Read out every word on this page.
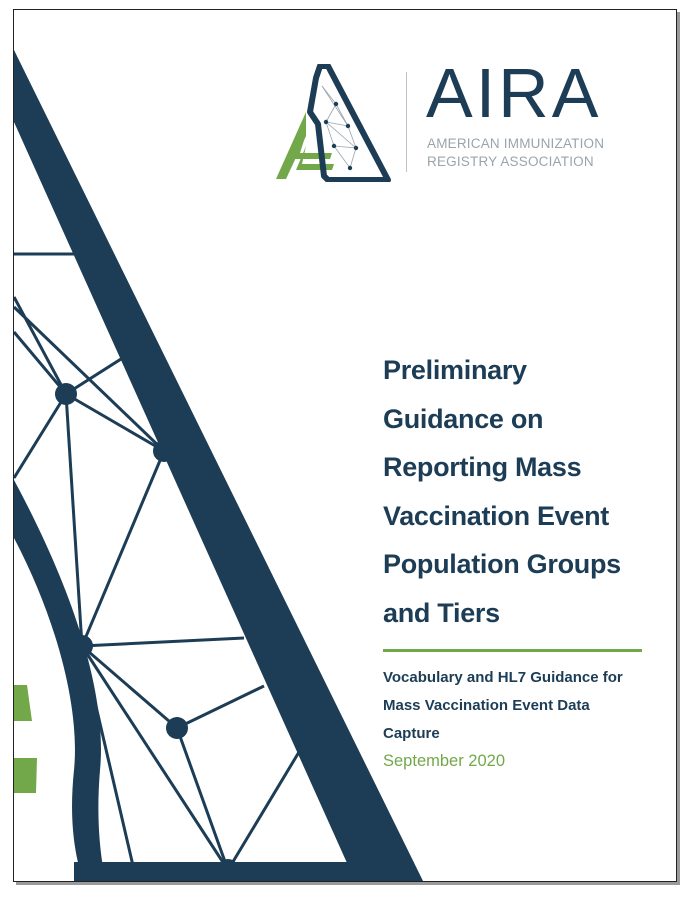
AIRA
AMERICAN IMMUNIZATION
REGISTRY ASSOCIATION
Preliminary
Guidance on
Reporting Mass
Vaccination Event
Population Groups
and Tiers
Vocabulary and HL7 Guidance for
Mass Vaccination Event Data
Capture
September 2020
